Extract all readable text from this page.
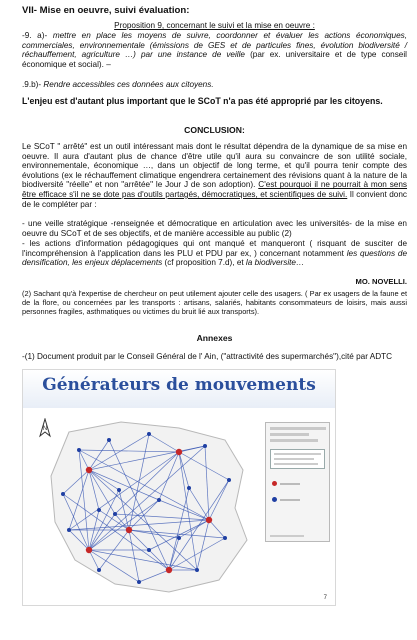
VII- Mise en oeuvre, suivi évaluation:
Proposition 9, concernant le suivi et la mise en oeuvre :
-9. a)- mettre en place les moyens de suivre, coordonner et évaluer les actions économiques, commerciales, environnementale (émissions de GES et de particules fines, évolution biodiversité / réchauffement, agriculture …) par une instance de veille (par ex. universitaire et de type conseil économique et social). –
.9.b)- Rendre accessibles ces données aux citoyens.
L'enjeu est d'autant plus important que le SCoT n'a pas été approprié par les citoyens.
CONCLUSION:
Le SCoT " arrêté" est un outil intéressant mais dont le résultat dépendra de la dynamique de sa mise en oeuvre. Il aura d'autant plus de chance d'être utile qu'il aura su convaincre de son utilité sociale, environnementale, économique …, dans un objectif de long terme, et qu'il pourra tenir compte des évolutions (ex le réchauffement climatique engendrera certainement des révisions quant à la nature de la biodiversité "réelle" et non "arrêtée" le Jour J de son adoption). C'est pourquoi il ne pourrait à mon sens être efficace s'il ne se dote pas d'outils partagés, démocratiques, et scientifiques de suivi. Il convient donc de le compléter par :
- une veille stratégique -renseignée et démocratique en articulation avec les universités- de la mise en oeuvre du SCoT et de ses objectifs, et de manière accessible au public (2)
- les actions d'information pédagogiques qui ont manqué et manqueront ( risquant de susciter de l'incompréhension à l'application dans les PLU et PDU par ex, ) concernant notamment les questions de densification, les enjeux déplacements (cf proposition 7.d), et la biodiversite…
MO. NOVELLI.
(2) Sachant qu'à l'expertise de chercheur on peut utilement ajouter celle des usagers. ( Par ex usagers de la faune et de la flore, ou concernées par les transports : artisans, salariés, habitants consommateurs de loisirs, mais aussi personnes fragiles, asthmatiques ou victimes du bruit lié aux transports).
Annexes
-(1) Document produit par le Conseil Général de l' Ain, ("attractivité des supermarchés"),cité par ADTC
Générateurs de mouvements
N
7
